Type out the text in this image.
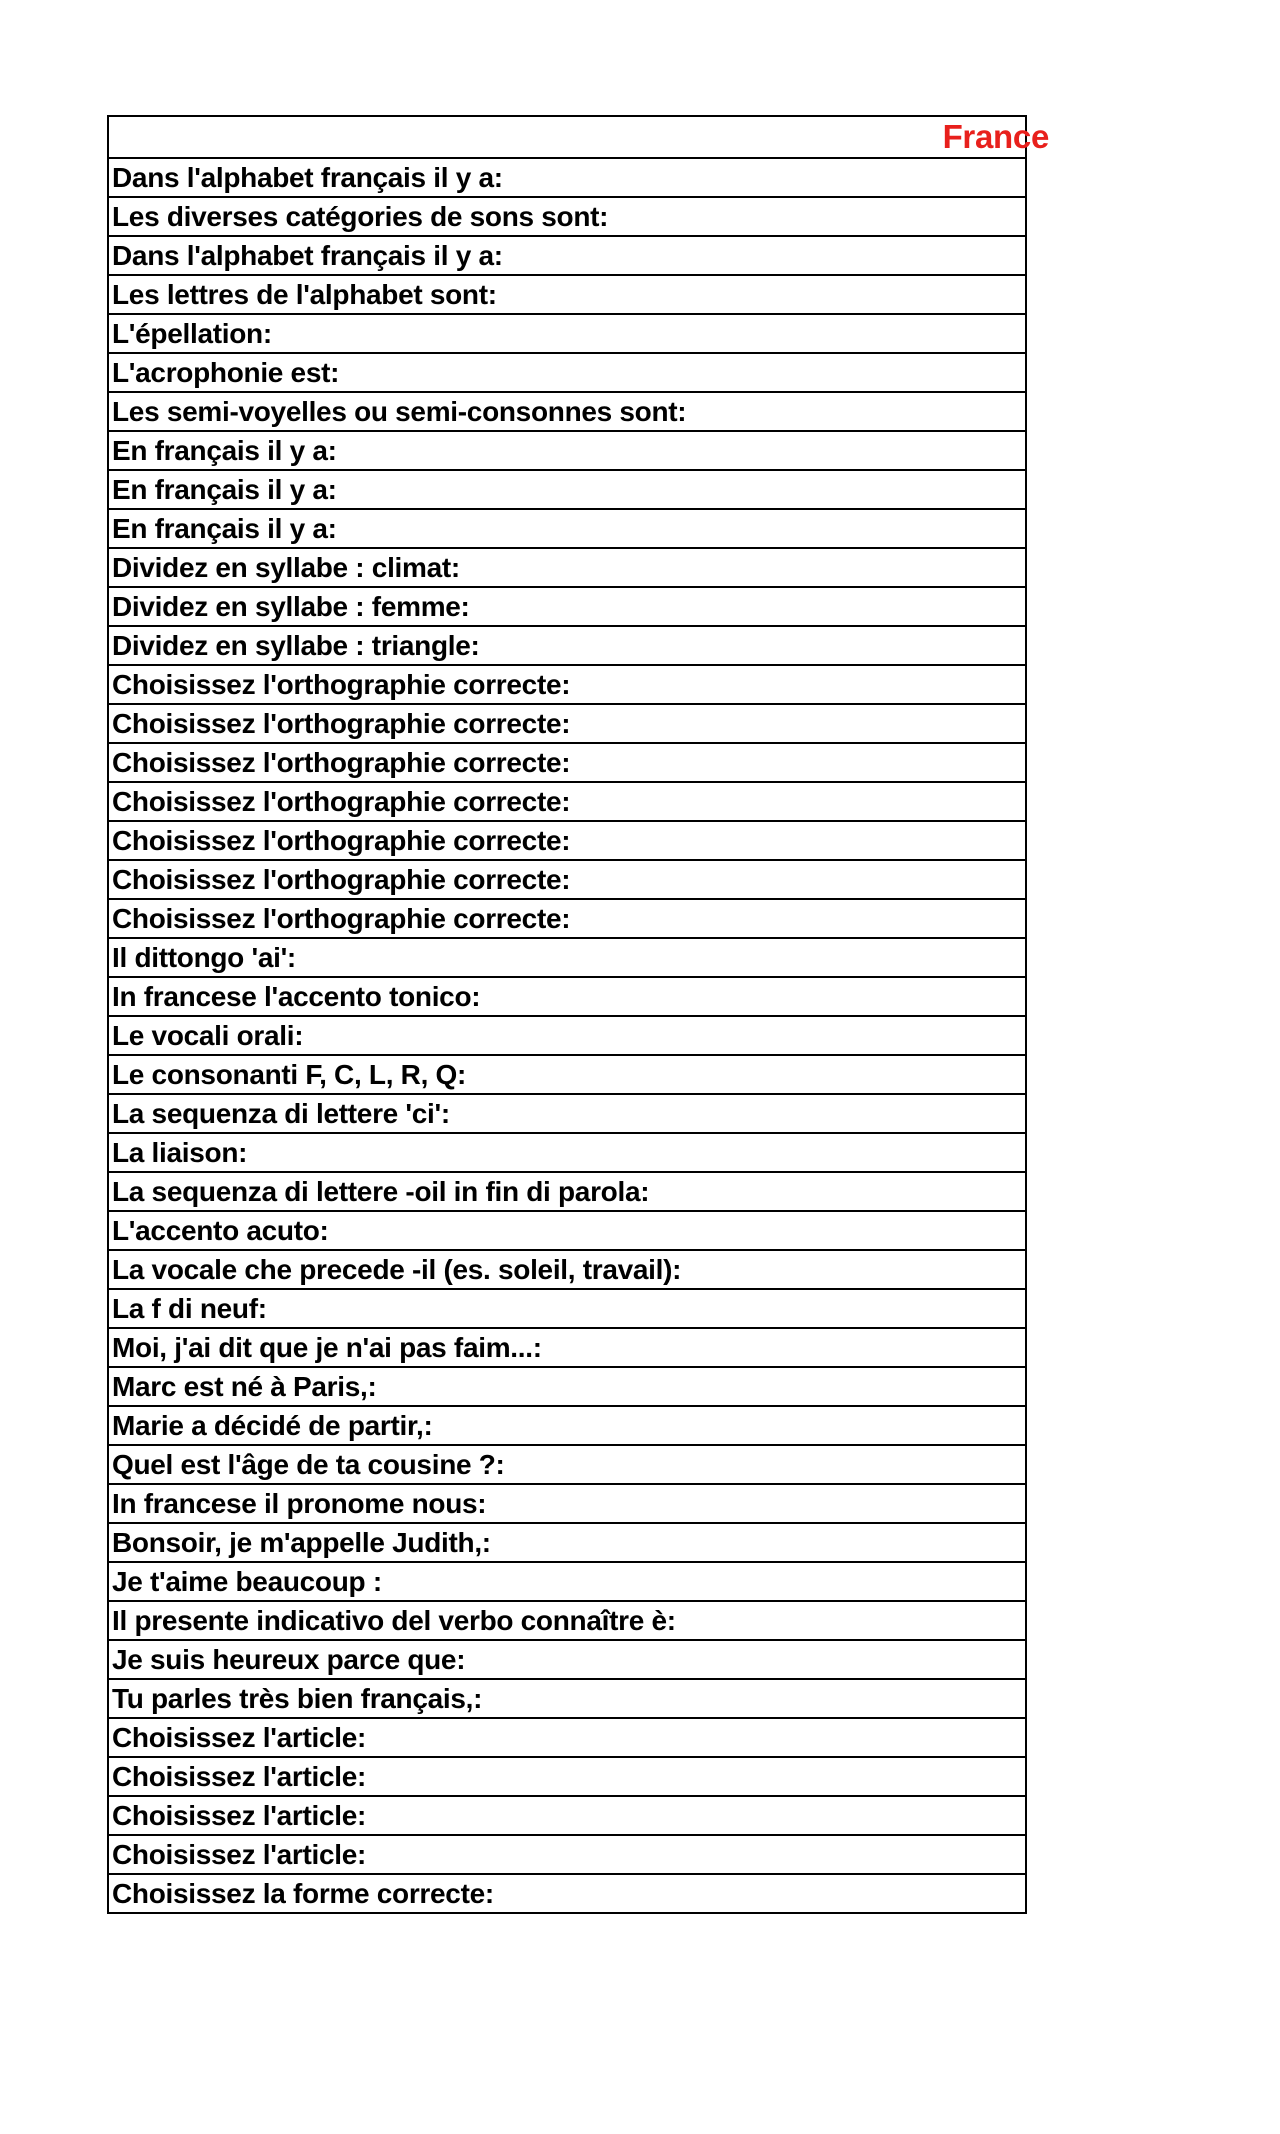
France
Dans l'alphabet français il y a:
Les diverses catégories de sons sont:
Dans l'alphabet français il y a:
Les lettres de l'alphabet sont:
L'épellation:
L'acrophonie est:
Les semi-voyelles ou semi-consonnes sont:
En français il y a:
En français il y a:
En français il y a:
Dividez en syllabe : climat:
Dividez en syllabe : femme:
Dividez en syllabe : triangle:
Choisissez l'orthographie correcte:
Choisissez l'orthographie correcte:
Choisissez l'orthographie correcte:
Choisissez l'orthographie correcte:
Choisissez l'orthographie correcte:
Choisissez l'orthographie correcte:
Choisissez l'orthographie correcte:
Il dittongo 'ai':
In francese l'accento tonico:
Le vocali orali:
Le consonanti F, C, L, R, Q:
La sequenza di lettere 'ci':
La liaison:
La sequenza di lettere -oil in fin di parola:
L'accento acuto:
La vocale che precede -il (es. soleil, travail):
La f di neuf:
Moi, j'ai dit que je n'ai pas faim...:
Marc est né à Paris,:
Marie a décidé de partir,:
Quel est l'âge de ta cousine ?:
In francese il pronome nous:
Bonsoir, je m'appelle Judith,:
Je t'aime beaucoup :
Il presente indicativo del verbo connaître è:
Je suis heureux parce que:
Tu parles très bien français,:
Choisissez l'article:
Choisissez l'article:
Choisissez l'article:
Choisissez l'article:
Choisissez la forme correcte:
